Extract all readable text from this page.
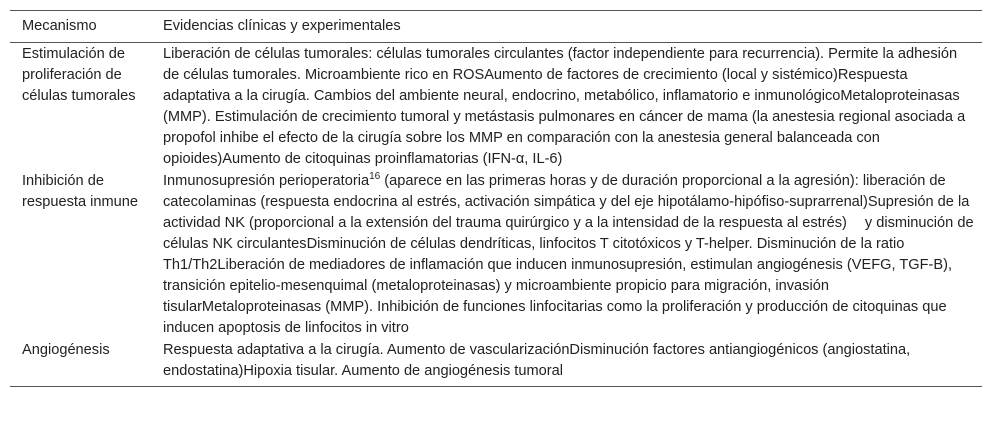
Mecanismo	Evidencias clínicas y experimentales
Estimulación de proliferación de células tumorales	Liberación de células tumorales: células tumorales circulantes (factor independiente para recurrencia). Permite la adhesión de células tumorales. Microambiente rico en ROSAumento de factores de crecimiento (local y sistémico)Respuesta adaptativa a la cirugía. Cambios del ambiente neural, endocrino, metabólico, inflamatorio e inmunológicoMetaloproteinasas (MMP). Estimulación de crecimiento tumoral y metástasis pulmonares en cáncer de mama (la anestesia regional asociada a propofol inhibe el efecto de la cirugía sobre los MMP en comparación con la anestesia general balanceada con opioides)Aumento de citoquinas proinflamatorias (IFN-α, IL-6)
Inhibición de respuesta inmune	Inmunosupresión perioperatoria$^{16}$ (aparece en las primeras horas y de duración proporcional a la agresión): liberación de catecolaminas (respuesta endocrina al estrés, activación simpática y del eje hipotálamo-hipófiso-suprarrenal)Supresión de la actividad NK (proporcional a la extensión del trauma quirúrgico y a la intensidad de la respuesta al estrés) y disminución de células NK circulantesDisminución de células dendríticas, linfocitos T citotóxicos y T-helper. Disminución de la ratio Th1/Th2Liberación de mediadores de inflamación que inducen inmunosupresión, estimulan angiogénesis (VEFG, TGF-B), transición epitelio-mesenquimal (metaloproteinasas) y microambiente propicio para migración, invasión tisularMetaloproteinasas (MMP). Inhibición de funciones linfocitarias como la proliferación y producción de citoquinas que inducen apoptosis de linfocitos in vitro
Angiogénesis	Respuesta adaptativa a la cirugía. Aumento de vascularizaciónDisminución factores antiangiogénicos (angiostatina, endostatina)Hipoxia tisular. Aumento de angiogénesis tumoral
